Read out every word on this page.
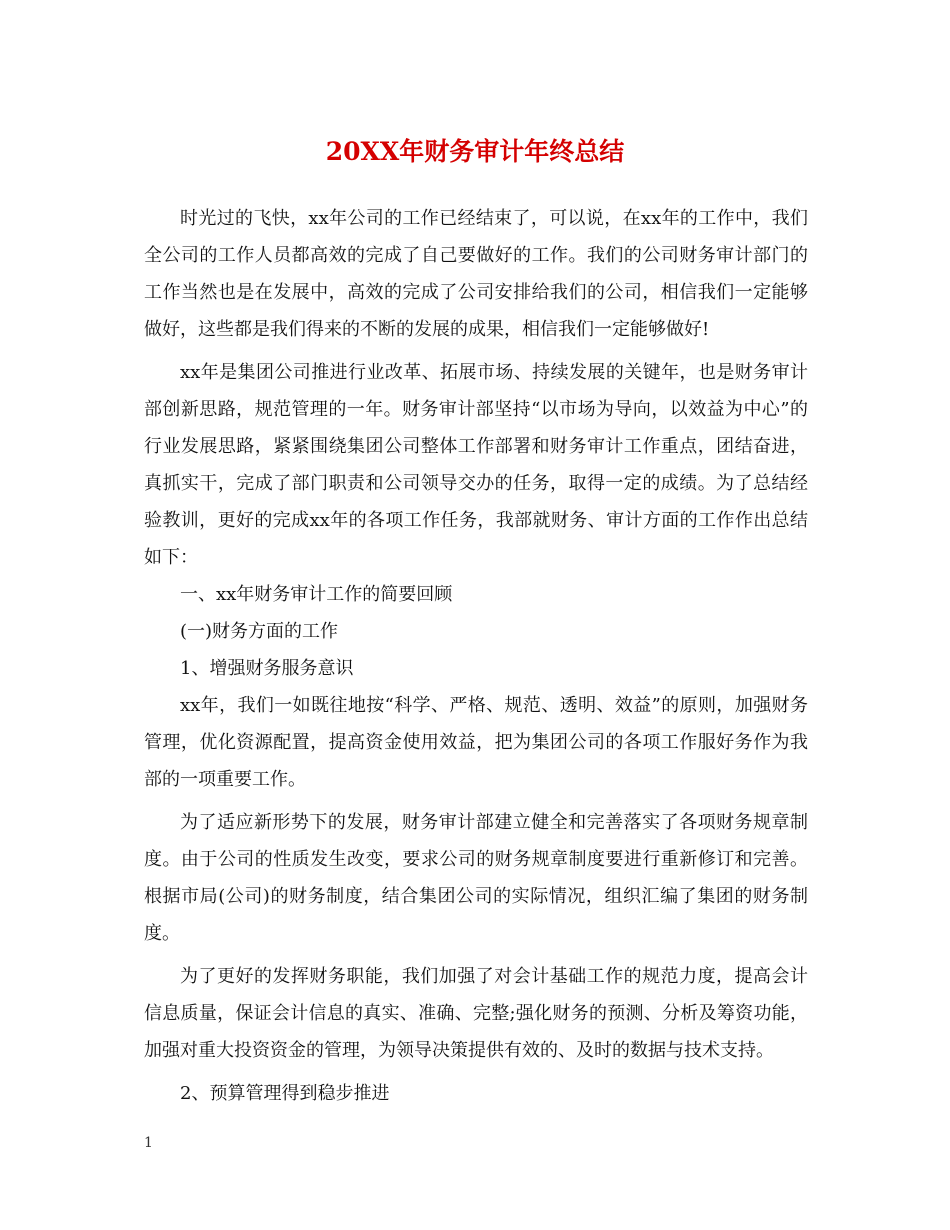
20XX年财务审计年终总结

时光过的飞快，xx年公司的工作已经结束了，可以说，在xx年的工作中，我们全公司的工作人员都高效的完成了自己要做好的工作。我们的公司财务审计部门的工作当然也是在发展中，高效的完成了公司安排给我们的公司，相信我们一定能够做好，这些都是我们得来的不断的发展的成果，相信我们一定能够做好!

xx年是集团公司推进行业改革、拓展市场、持续发展的关键年，也是财务审计部创新思路，规范管理的一年。财务审计部坚持“以市场为导向，以效益为中心”的行业发展思路，紧紧围绕集团公司整体工作部署和财务审计工作重点，团结奋进，真抓实干，完成了部门职责和公司领导交办的任务，取得一定的成绩。为了总结经验教训，更好的完成xx年的各项工作任务，我部就财务、审计方面的工作作出总结如下：

一、xx年财务审计工作的简要回顾

(一)财务方面的工作

1、增强财务服务意识

xx年，我们一如既往地按“科学、严格、规范、透明、效益”的原则，加强财务管理，优化资源配置，提高资金使用效益，把为集团公司的各项工作服好务作为我部的一项重要工作。

为了适应新形势下的发展，财务审计部建立健全和完善落实了各项财务规章制度。由于公司的性质发生改变，要求公司的财务规章制度要进行重新修订和完善。根据市局(公司)的财务制度，结合集团公司的实际情况，组织汇编了集团的财务制度。

为了更好的发挥财务职能，我们加强了对会计基础工作的规范力度，提高会计信息质量，保证会计信息的真实、准确、完整;强化财务的预测、分析及筹资功能，加强对重大投资资金的管理，为领导决策提供有效的、及时的数据与技术支持。

2、预算管理得到稳步推进

1
